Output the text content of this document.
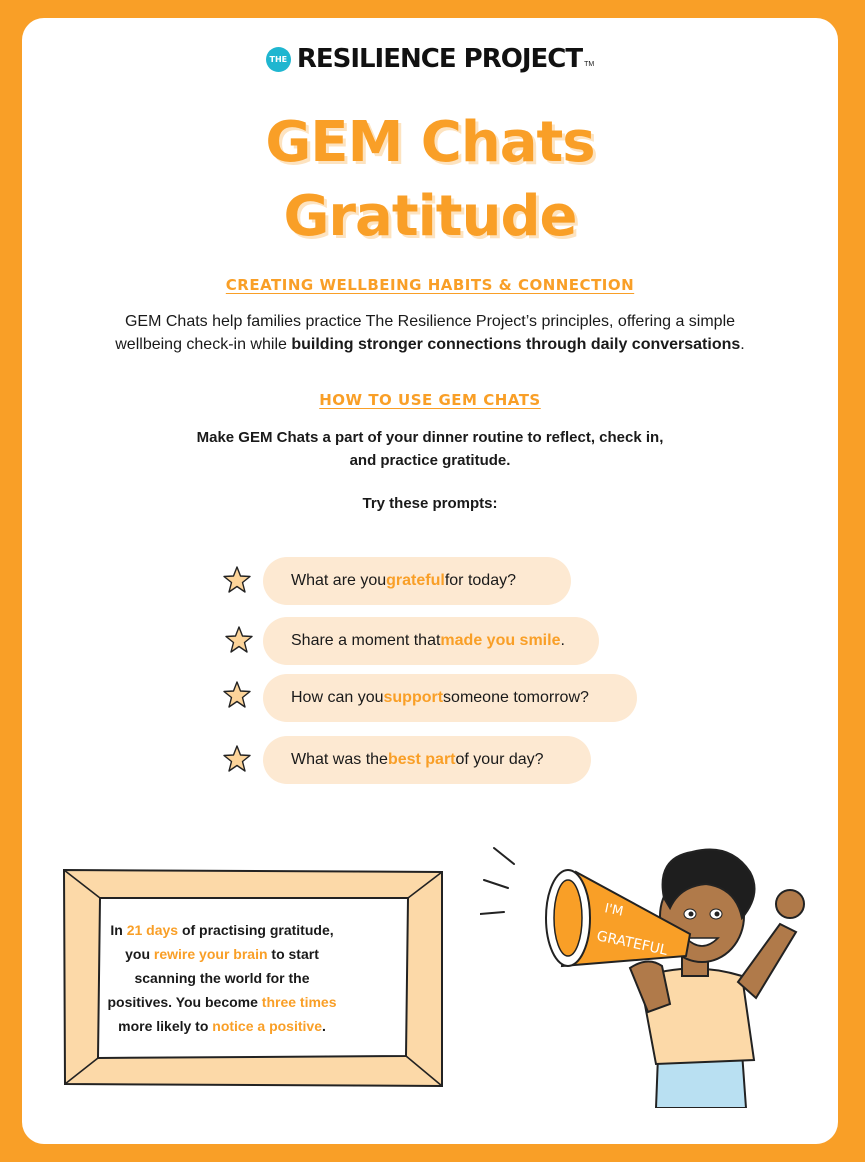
THE RESILIENCE PROJECT TM
GEM Chats
Gratitude
CREATING WELLBEING HABITS & CONNECTION
GEM Chats help families practice The Resilience Project’s principles, offering a simple
wellbeing check-in while building stronger connections through daily conversations.
HOW TO USE GEM CHATS
Make GEM Chats a part of your dinner routine to reflect, check in,
and practice gratitude.
Try these prompts:
What are you grateful for today?
Share a moment that made you smile .
How can you support someone tomorrow?
What was the best part of your day?
In 21 days of practising gratitude,
you rewire your brain to start
scanning the world for the
positives. You become three times
more likely to notice a positive.
I'M
GRATEFUL
